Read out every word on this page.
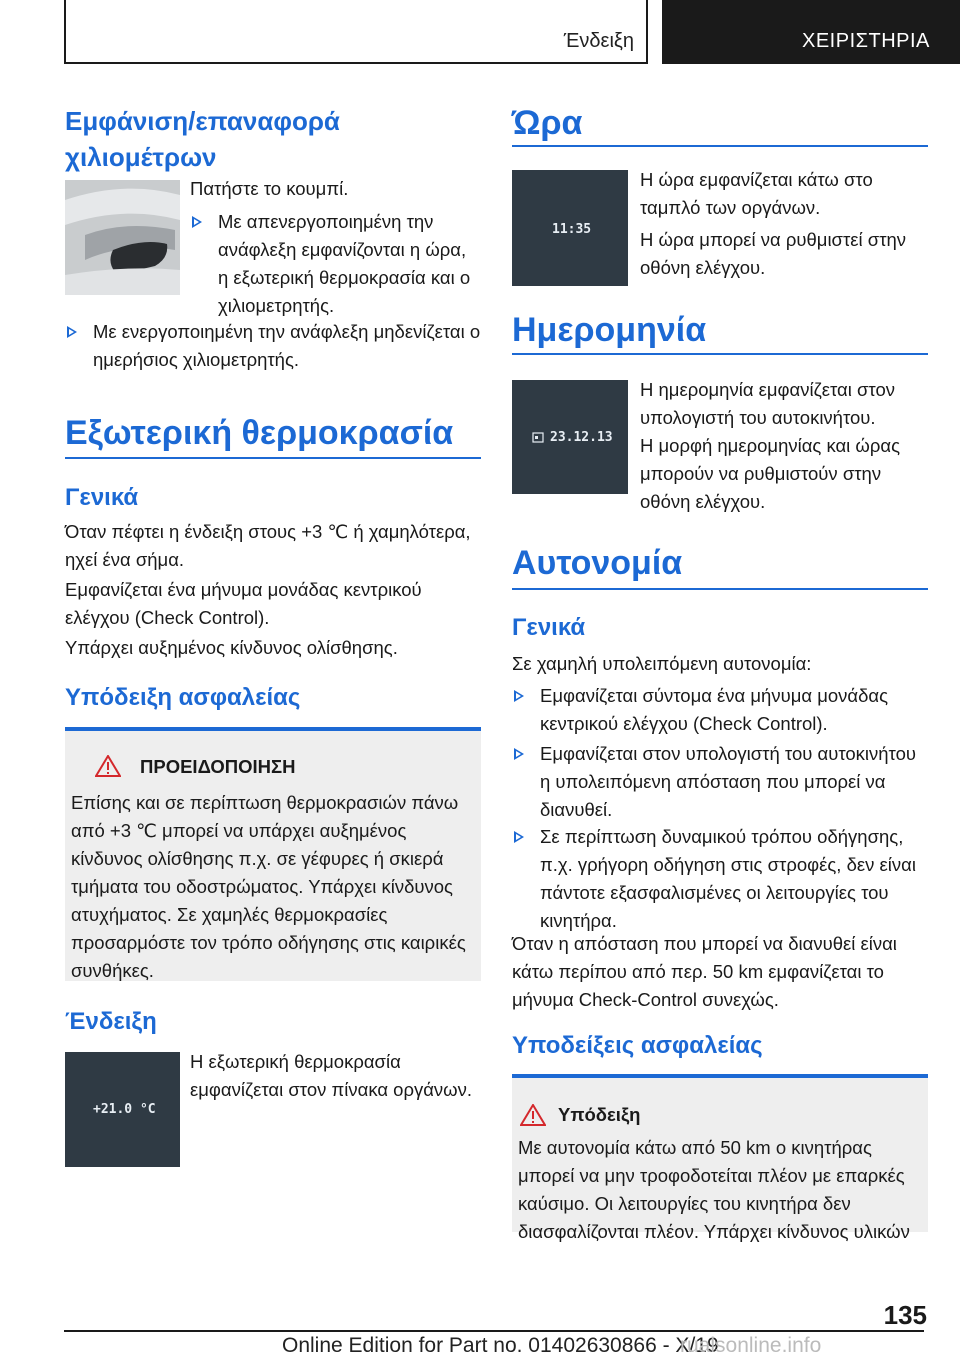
Ένδειξη	ΧΕΙΡΙΣΤΗΡΙΑ
Εμφάνιση/επαναφορά
χιλιομέτρων

Πατήστε το κουμπί.

Με απενεργοποιημένη την ανάφλεξη εμφανίζονται η ώρα, η εξωτερική θερμοκρασία και ο χιλιομετρητής.
Με ενεργοποιημένη την ανάφλεξη μηδενίζεται ο ημερήσιος χιλιομετρητής.
Εξωτερική θερμοκρασία
Γενικά

Όταν πέφτει η ένδειξη στους +3 ℃ ή χαμηλότερα, ηχεί ένα σήμα.

Εμφανίζεται ένα μήνυμα μονάδας κεντρικού ελέγχου (Check Control).

Υπάρχει αυξημένος κίνδυνος ολίσθησης.

Υπόδειξη ασφαλείας
ΠΡΟΕΙΔΟΠΟΙΗΣΗ

Επίσης και σε περίπτωση θερμοκρασιών πάνω από +3 ℃ μπορεί να υπάρχει αυξημένος κίνδυνος ολίσθησης π.χ. σε γέφυρες ή σκιερά τμήματα του οδοστρώματος. Υπάρχει κίνδυνος ατυχήματος. Σε χαμηλές θερμοκρασίες προσαρμόστε τον τρόπο οδήγησης στις καιρικές συνθήκες.

Ένδειξη
+21.0 °C

Η εξωτερική θερμοκρασία εμφανίζεται στον πίνακα οργάνων.

Ώρα
11:35

Η ώρα εμφανίζεται κάτω στο ταμπλό των οργάνων.

Η ώρα μπορεί να ρυθμιστεί στην οθόνη ελέγχου.

Ημερομηνία
23.12.13

Η ημερομηνία εμφανίζεται στον υπολογιστή του αυτοκινήτου.

Η μορφή ημερομηνίας και ώρας μπορούν να ρυθμιστούν στην οθόνη ελέγχου.

Αυτονομία
Γενικά

Σε χαμηλή υπολειπόμενη αυτονομία:

Εμφανίζεται σύντομα ένα μήνυμα μονάδας κεντρικού ελέγχου (Check Control).
Εμφανίζεται στον υπολογιστή του αυτοκινήτου η υπολειπόμενη απόσταση που μπορεί να διανυθεί.
Σε περίπτωση δυναμικού τρόπου οδήγησης, π.χ. γρήγορη οδήγηση στις στροφές, δεν είναι πάντοτε εξασφαλισμένες οι λειτουργίες του κινητήρα.

Όταν η απόσταση που μπορεί να διανυθεί είναι κάτω περίπου από περ. 50 km εμφανίζεται το μήνυμα Check-Control συνεχώς.

Υποδείξεις ασφαλείας
Υπόδειξη

Με αυτονομία κάτω από 50 km ο κινητήρας μπορεί να μην τροφοδοτείται πλέον με επαρκές καύσιμο. Οι λειτουργίες του κινητήρα δεν διασφαλίζονται πλέον. Υπάρχει κίνδυνος υλικών

135
Online Edition for Part no. 01402630866 - X/19
rualsonline.info
